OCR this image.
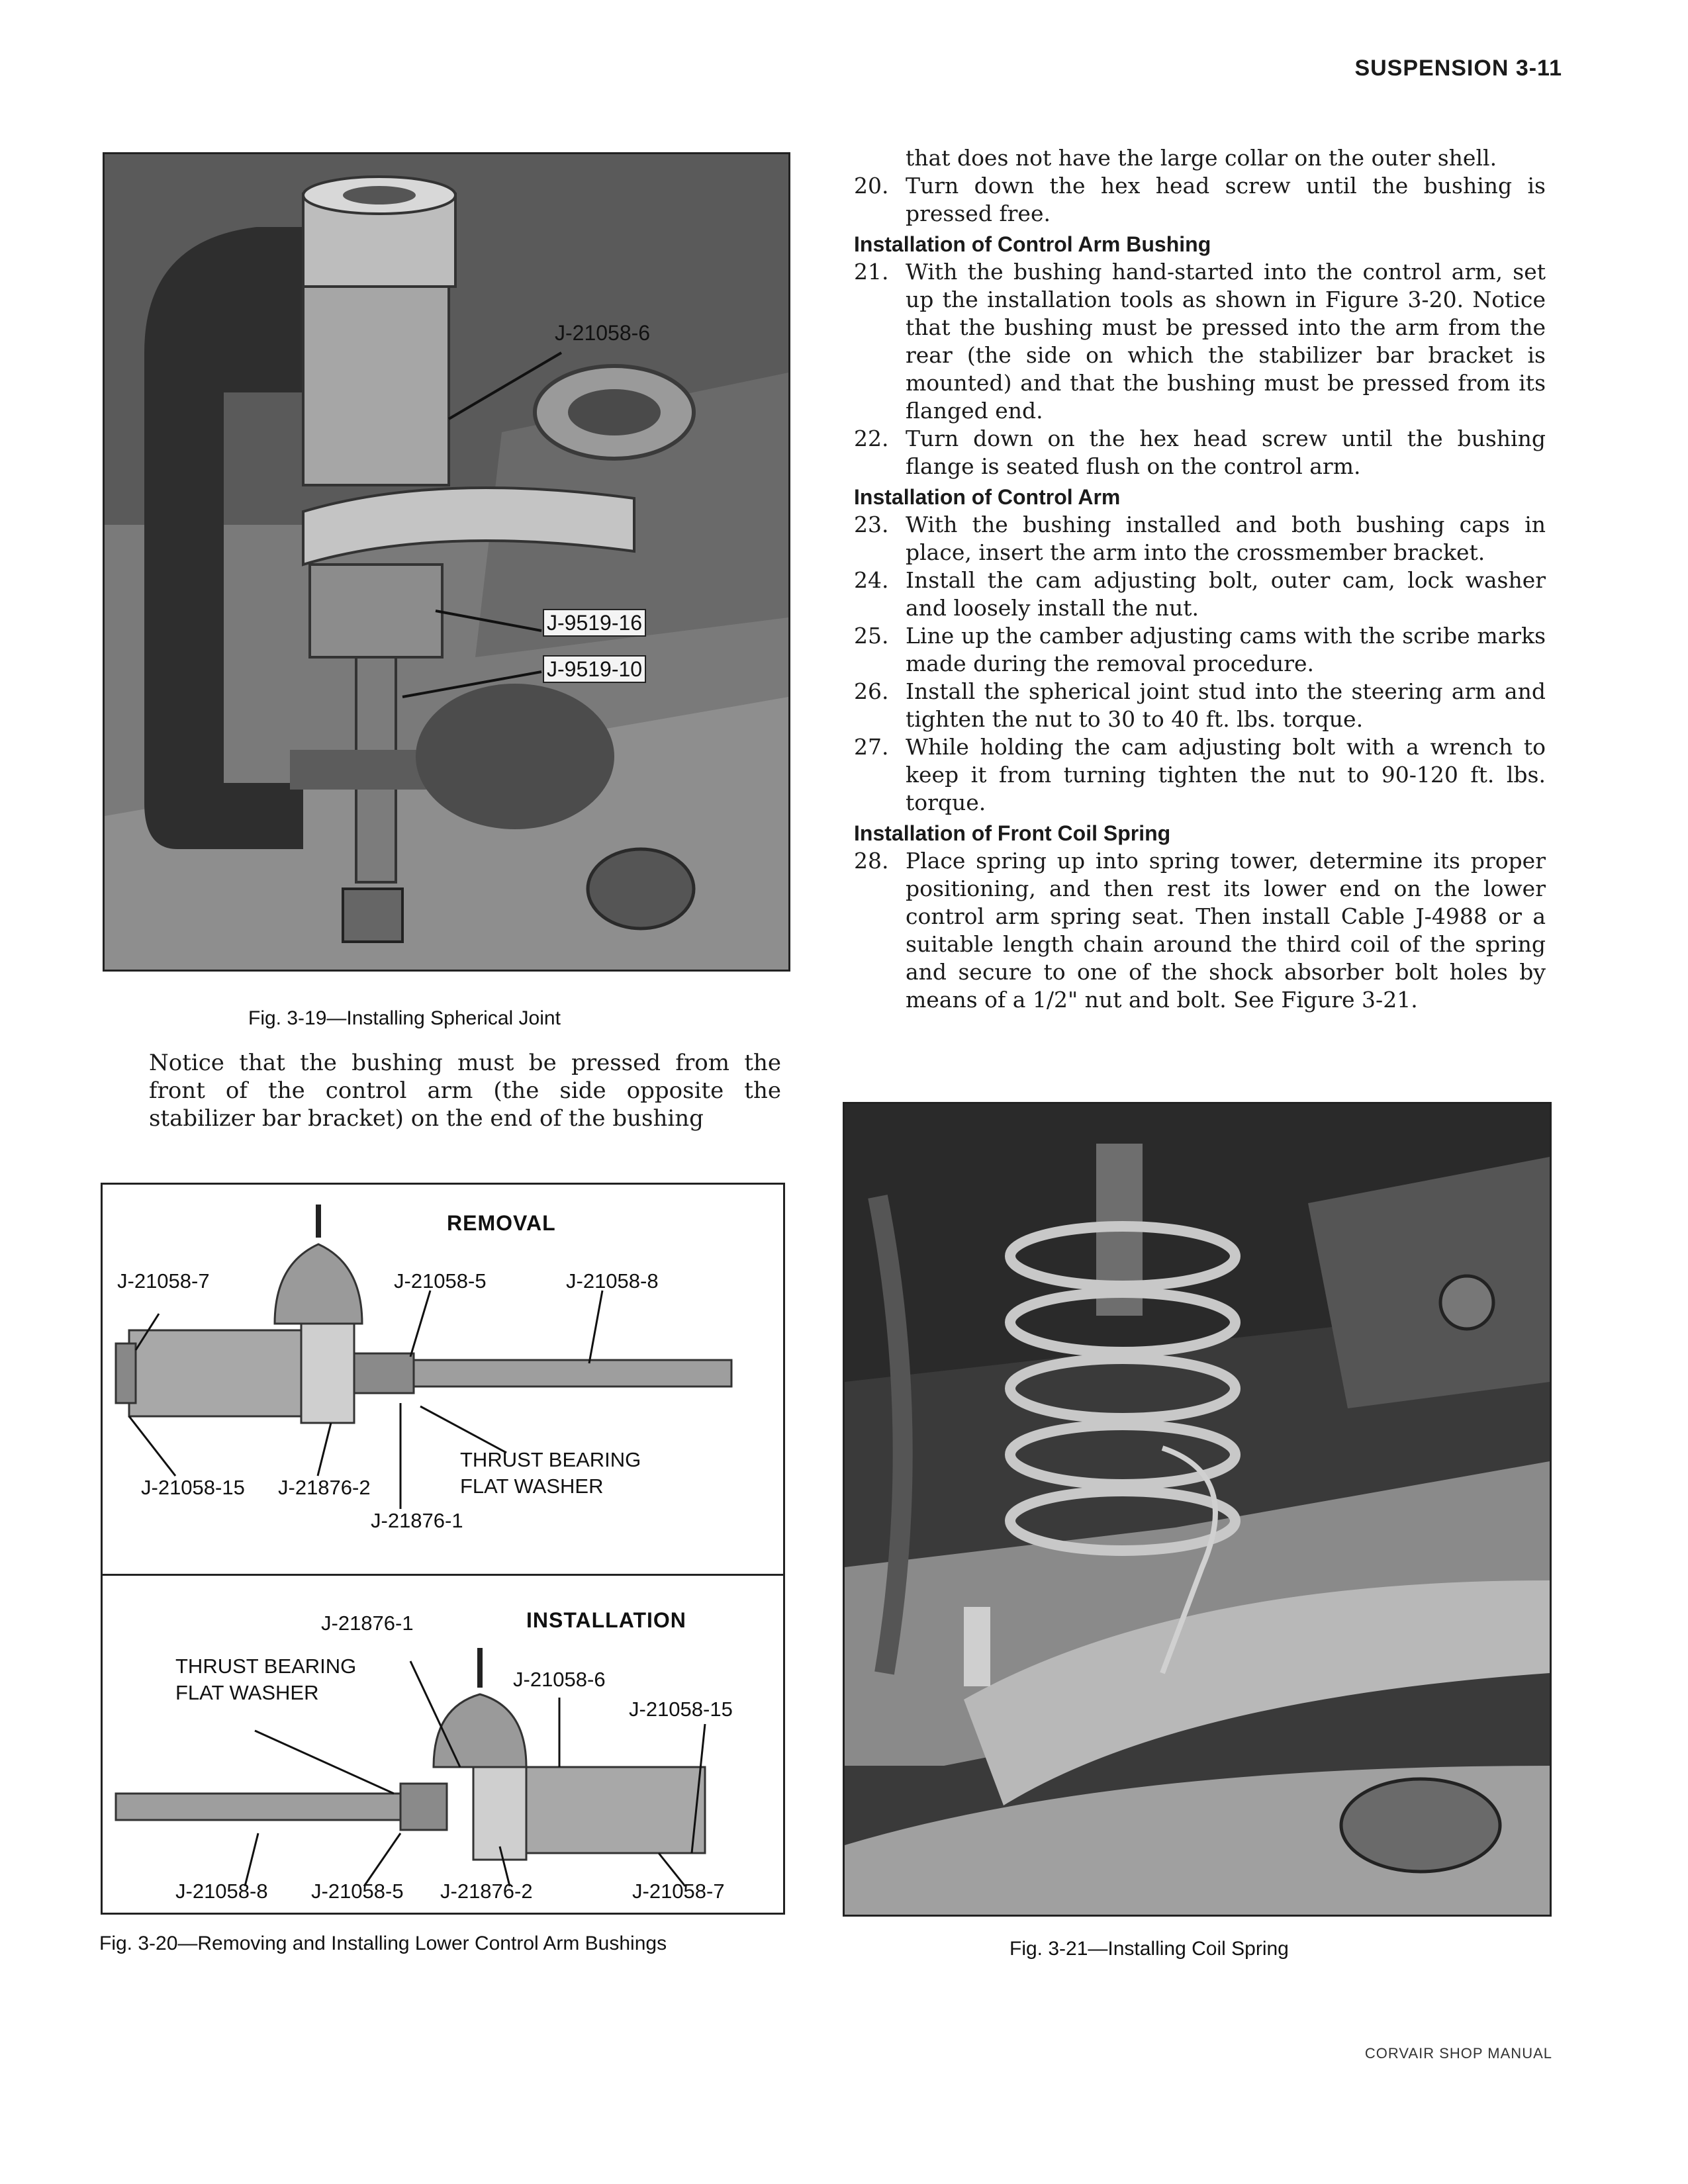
SUSPENSION 3-11
J-21058-6
J-9519-16
J-9519-10
Fig. 3-19—Installing Spherical Joint
Notice that the bushing must be pressed from the front of the control arm (the side opposite the stabilizer bar bracket) on the end of the bushing
REMOVAL
J-21058-7	J-21058-5	J-21058-8
THRUST BEARING
FLAT WASHER
J-21058-15 J-21876-2
J-21876-1
INSTALLATION
J-21876-1
THRUST BEARING
FLAT WASHER
J-21058-6
J-21058-15
J-21058-8 J-21058-5 J-21876-2	J-21058-7
Fig. 3-20—Removing and Installing Lower Control Arm Bushings

that does not have the large collar on the outer shell.

20. Turn down the hex head screw until the bushing is pressed free.
Installation of Control Arm Bushing
21. With the bushing hand-started into the control arm, set up the installation tools as shown in Figure 3-20. Notice that the bushing must be pressed into the arm from the rear (the side on which the stabilizer bar bracket is mounted) and that the bushing must be pressed from its flanged end.
22. Turn down on the hex head screw until the bushing flange is seated flush on the control arm.
Installation of Control Arm
23. With the bushing installed and both bushing caps in place, insert the arm into the crossmember bracket.
24. Install the cam adjusting bolt, outer cam, lock washer and loosely install the nut.
25. Line up the camber adjusting cams with the scribe marks made during the removal procedure.
26. Install the spherical joint stud into the steering arm and tighten the nut to 30 to 40 ft. lbs. torque.
27. While holding the cam adjusting bolt with a wrench to keep it from turning tighten the nut to 90-120 ft. lbs. torque.
Installation of Front Coil Spring
28. Place spring up into spring tower, determine its proper positioning, and then rest its lower end on the lower control arm spring seat. Then install Cable J-4988 or a suitable length chain around the third coil of the spring and secure to one of the shock absorber bolt holes by means of a 1/2" nut and bolt. See Figure 3-21.
Fig. 3-21—Installing Coil Spring
CORVAIR SHOP MANUAL
